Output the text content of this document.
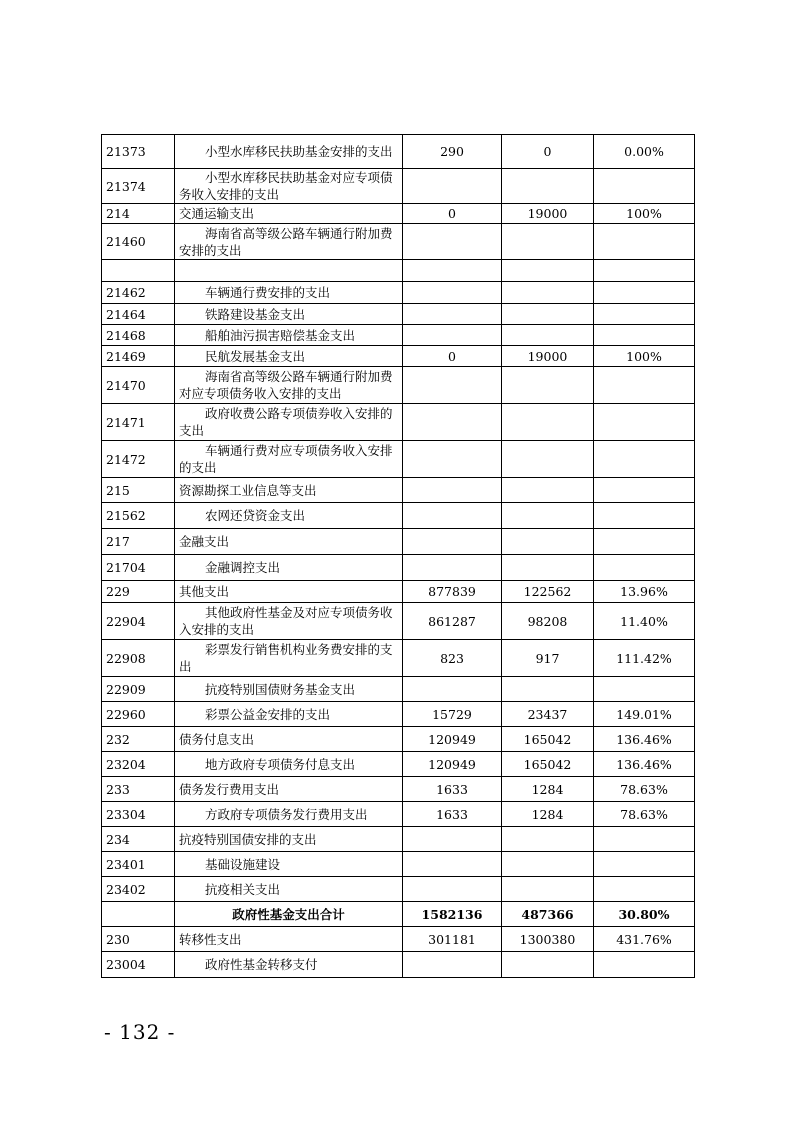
21373	小型水库移民扶助基金安排的支出	290	0	0.00%
21374	小型水库移民扶助基金对应专项债务收入安排的支出			
214	交通运输支出	0	19000	100%
21460	海南省高等级公路车辆通行附加费安排的支出			

21462	车辆通行费安排的支出			
21464	铁路建设基金支出			
21468	船舶油污损害赔偿基金支出			
21469	民航发展基金支出	0	19000	100%
21470	海南省高等级公路车辆通行附加费对应专项债务收入安排的支出			
21471	政府收费公路专项债券收入安排的支出			
21472	车辆通行费对应专项债务收入安排的支出			
215	资源勘探工业信息等支出			
21562	农网还贷资金支出			
217	金融支出			
21704	金融调控支出			
229	其他支出	877839	122562	13.96%
22904	其他政府性基金及对应专项债务收入安排的支出	861287	98208	11.40%
22908	彩票发行销售机构业务费安排的支出	823	917	111.42%
22909	抗疫特别国债财务基金支出			
22960	彩票公益金安排的支出	15729	23437	149.01%
232	债务付息支出	120949	165042	136.46%
23204	地方政府专项债务付息支出	120949	165042	136.46%
233	债务发行费用支出	1633	1284	78.63%
23304	方政府专项债务发行费用支出	1633	1284	78.63%
234	抗疫特别国债安排的支出			
23401	基础设施建设			
23402	抗疫相关支出			
	政府性基金支出合计	1582136	487366	30.80%
230	转移性支出	301181	1300380	431.76%
23004	政府性基金转移支付			
- 132 -
